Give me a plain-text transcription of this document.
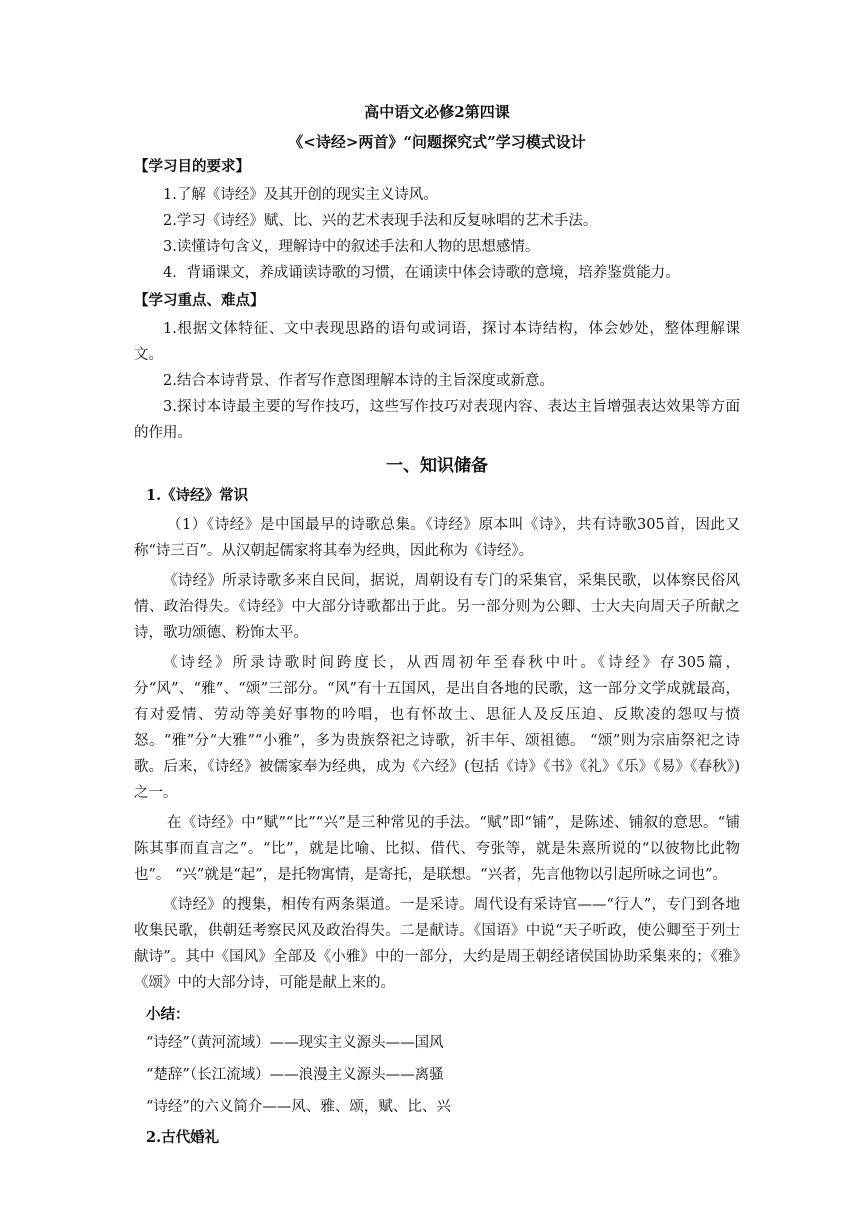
高中语文必修2第四课
《<诗经>两首》“问题探究式”学习模式设计
【学习目的要求】

1.了解《诗经》及其开创的现实主义诗风。

2.学习《诗经》赋、比、兴的艺术表现手法和反复咏唱的艺术手法。

3.读懂诗句含义，理解诗中的叙述手法和人物的思想感情。

4．背诵课文，养成诵读诗歌的习惯，在诵读中体会诗歌的意境，培养鉴赏能力。

【学习重点、难点】

1.根据文体特征、文中表现思路的语句或词语，探讨本诗结构，体会妙处，整体理解课文。

2.结合本诗背景、作者写作意图理解本诗的主旨深度或新意。

3.探讨本诗最主要的写作技巧，这些写作技巧对表现内容、表达主旨增强表达效果等方面的作用。

一、知识储备
1.《诗经》常识

（1）《诗经》是中国最早的诗歌总集。《诗经》原本叫《诗》，共有诗歌305首，因此又称“诗三百”。从汉朝起儒家将其奉为经典，因此称为《诗经》。

《诗经》所录诗歌多来自民间，据说，周朝设有专门的采集官，采集民歌，以体察民俗风情、政治得失。《诗经》中大部分诗歌都出于此。另一部分则为公卿、士大夫向周天子所献之诗，歌功颂德、粉饰太平。

《诗经》所录诗歌时间跨度长，从西周初年至春秋中叶。《诗经》存305篇，分“风”、“雅”、“颂”三部分。“风”有十五国风，是出自各地的民歌，这一部分文学成就最高，有对爱情、劳动等美好事物的吟唱，也有怀故土、思征人及反压迫、反欺凌的怨叹与愤怒。“雅”分“大雅”“小雅”，多为贵族祭祀之诗歌，祈丰年、颂祖德。 “颂”则为宗庙祭祀之诗歌。后来，《诗经》被儒家奉为经典，成为《六经》(包括《诗》《书》《礼》《乐》《易》《春秋》)之一。

在《诗经》中“赋”“比”“兴”是三种常见的手法。“赋”即“铺”，是陈述、铺叙的意思。“铺陈其事而直言之”。“比”，就是比喻、比拟、借代、夸张等，就是朱熹所说的“以彼物比此物也”。 “兴”就是“起”，是托物寓情，是寄托，是联想。“兴者，先言他物以引起所咏之词也”。

《诗经》的搜集，相传有两条渠道。一是采诗。周代设有采诗官——“行人”，专门到各地收集民歌，供朝廷考察民风及政治得失。二是献诗。《国语》中说“天子听政，使公卿至于列士献诗”。其中《国风》全部及《小雅》中的一部分，大约是周王朝经诸侯国协助采集来的；《雅》《颂》中的大部分诗，可能是献上来的。

小结：
“诗经”（黄河流域）——现实主义源头——国风
“楚辞”（长江流域）——浪漫主义源头——离骚
“诗经”的六义简介——风、雅、颂，赋、比、兴
2.古代婚礼
